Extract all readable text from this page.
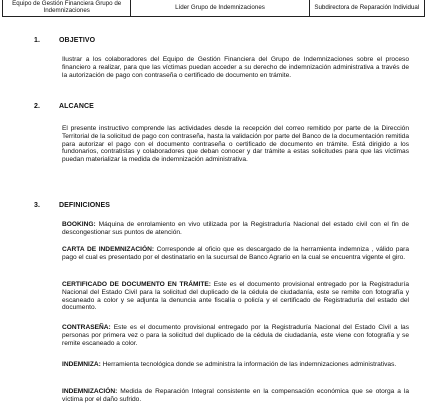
Equipo de Gestión Financiera Grupo de Indemnizaciones	Líder Grupo de Indemnizaciones	Subdirectora de Reparación Individual
1.	OBJETIVO
Ilustrar a los colaboradores del Equipo de Gestión Financiera del Grupo de Indemnizaciones sobre el proceso financiero a realizar, para que las víctimas puedan acceder a su derecho de indemnización administrativa a través de la autorización de pago con contraseña o certificado de documento en trámite.
2.	ALCANCE
El presente instructivo comprende las actividades desde la recepción del correo remitido por parte de la Dirección Territorial de la solicitud de pago con contraseña, hasta la validación por parte del Banco de la documentación remitida para autorizar el pago con el documento contraseña o certificado de documento en trámite. Está dirigido a los fundonarios, contratistas y colaboradores que deban conocer y dar trámite a estas solicitudes para que las víctimas puedan materializar la medida de indemnización administrativa.
3.	DEFINICIONES
BOOKING: Máquina de enrolamiento en vivo utilizada por la Registraduría Nacional del estado civil con el fin de descongestionar sus puntos de atención.
CARTA DE INDEMNIZACIÓN: Corresponde al oficio que es descargado de la herramienta indemniza , válido para pago el cual es presentado por el destinatario en la sucursal de Banco Agrario en la cual se encuentra vigente el giro.
CERTIFICADO DE DOCUMENTO EN TRÁMITE: Este es el documento provisional entregado por la Registraduría Nacional del Estado Civil para la solicitud del duplicado de la cédula de ciudadanía, este se remite con fotografía y escaneado a color y se adjunta la denuncia ante fiscalía o policía y el certificado de Registraduría del estado del documento.
CONTRASEÑA: Este es el documento provisional entregado por la Registraduría Nacional del Estado Civil a las personas por primera vez o para la solicitud del duplicado de la cédula de ciudadanía, este viene con fotografía y se remite escaneado a color.
INDEMNIZA: Herramienta tecnológica donde se administra la información de las indemnizaciones administrativas.
INDEMNIZACIÓN: Medida de Reparación Integral consistente en la compensación económica que se otorga a la víctima por el daño sufrido.
